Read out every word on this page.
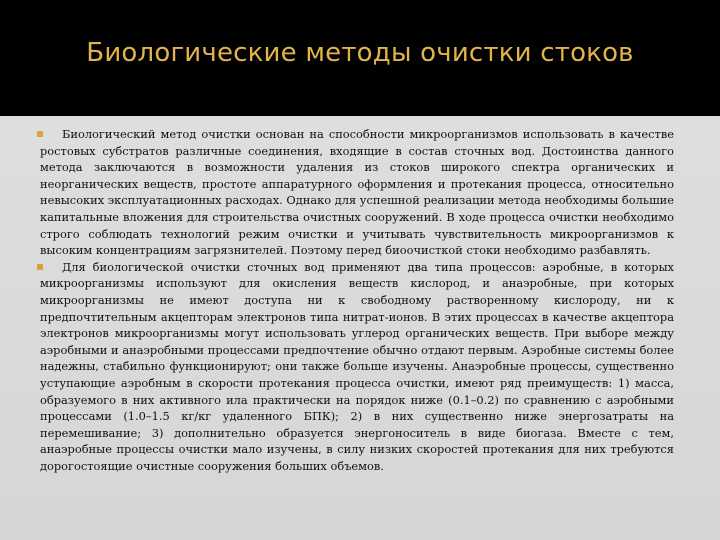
Биологические методы очистки стоков

Биологический метод очистки основан на способности микроорганизмов использовать в качестве ростовых субстратов различные соединения, входящие в состав сточных вод. Достоинства данного метода заключаются в возможности удаления из стоков широкого спектра органических и неорганических веществ, простоте аппаратурного оформления и протекания процесса, относительно невысоких эксплуатационных расходах. Однако для успешной реализации метода необходимы большие капитальные вложения для строительства очистных сооружений. В ходе процесса очистки необходимо строго соблюдать технологий режим очистки и учитывать чувствительность микроорганизмов к высоким концентрациям загрязнителей. Поэтому перед биоочисткой стоки необходимо разбавлять.

Для биологической очистки сточных вод применяют два типа процессов: аэробные, в которых микроорганизмы используют для окисления веществ кислород, и анаэробные, при которых микроорганизмы не имеют доступа ни к свободному растворенному кислороду, ни к предпочтительным акцепторам электронов типа нитрат-ионов. В этих процессах в качестве акцептора электронов микроорганизмы могут использовать углерод органических веществ. При выборе между аэробными и анаэробными процессами предпочтение обычно отдают первым. Аэробные системы более надежны, стабильно функционируют; они также больше изучены. Анаэробные процессы, существенно уступающие аэробным в скорости протекания процесса очистки, имеют ряд преимуществ: 1) масса, образуемого в них активного ила практически на порядок ниже (0.1–0.2) по сравнению с аэробными процессами (1.0–1.5 кг/кг удаленного БПК); 2) в них существенно ниже энергозатраты на перемешивание; 3) дополнительно образуется энергоноситель в виде биогаза. Вместе с тем, анаэробные процессы очистки мало изучены, в силу низких скоростей протекания для них требуются дорогостоящие очистные сооружения больших объемов.
